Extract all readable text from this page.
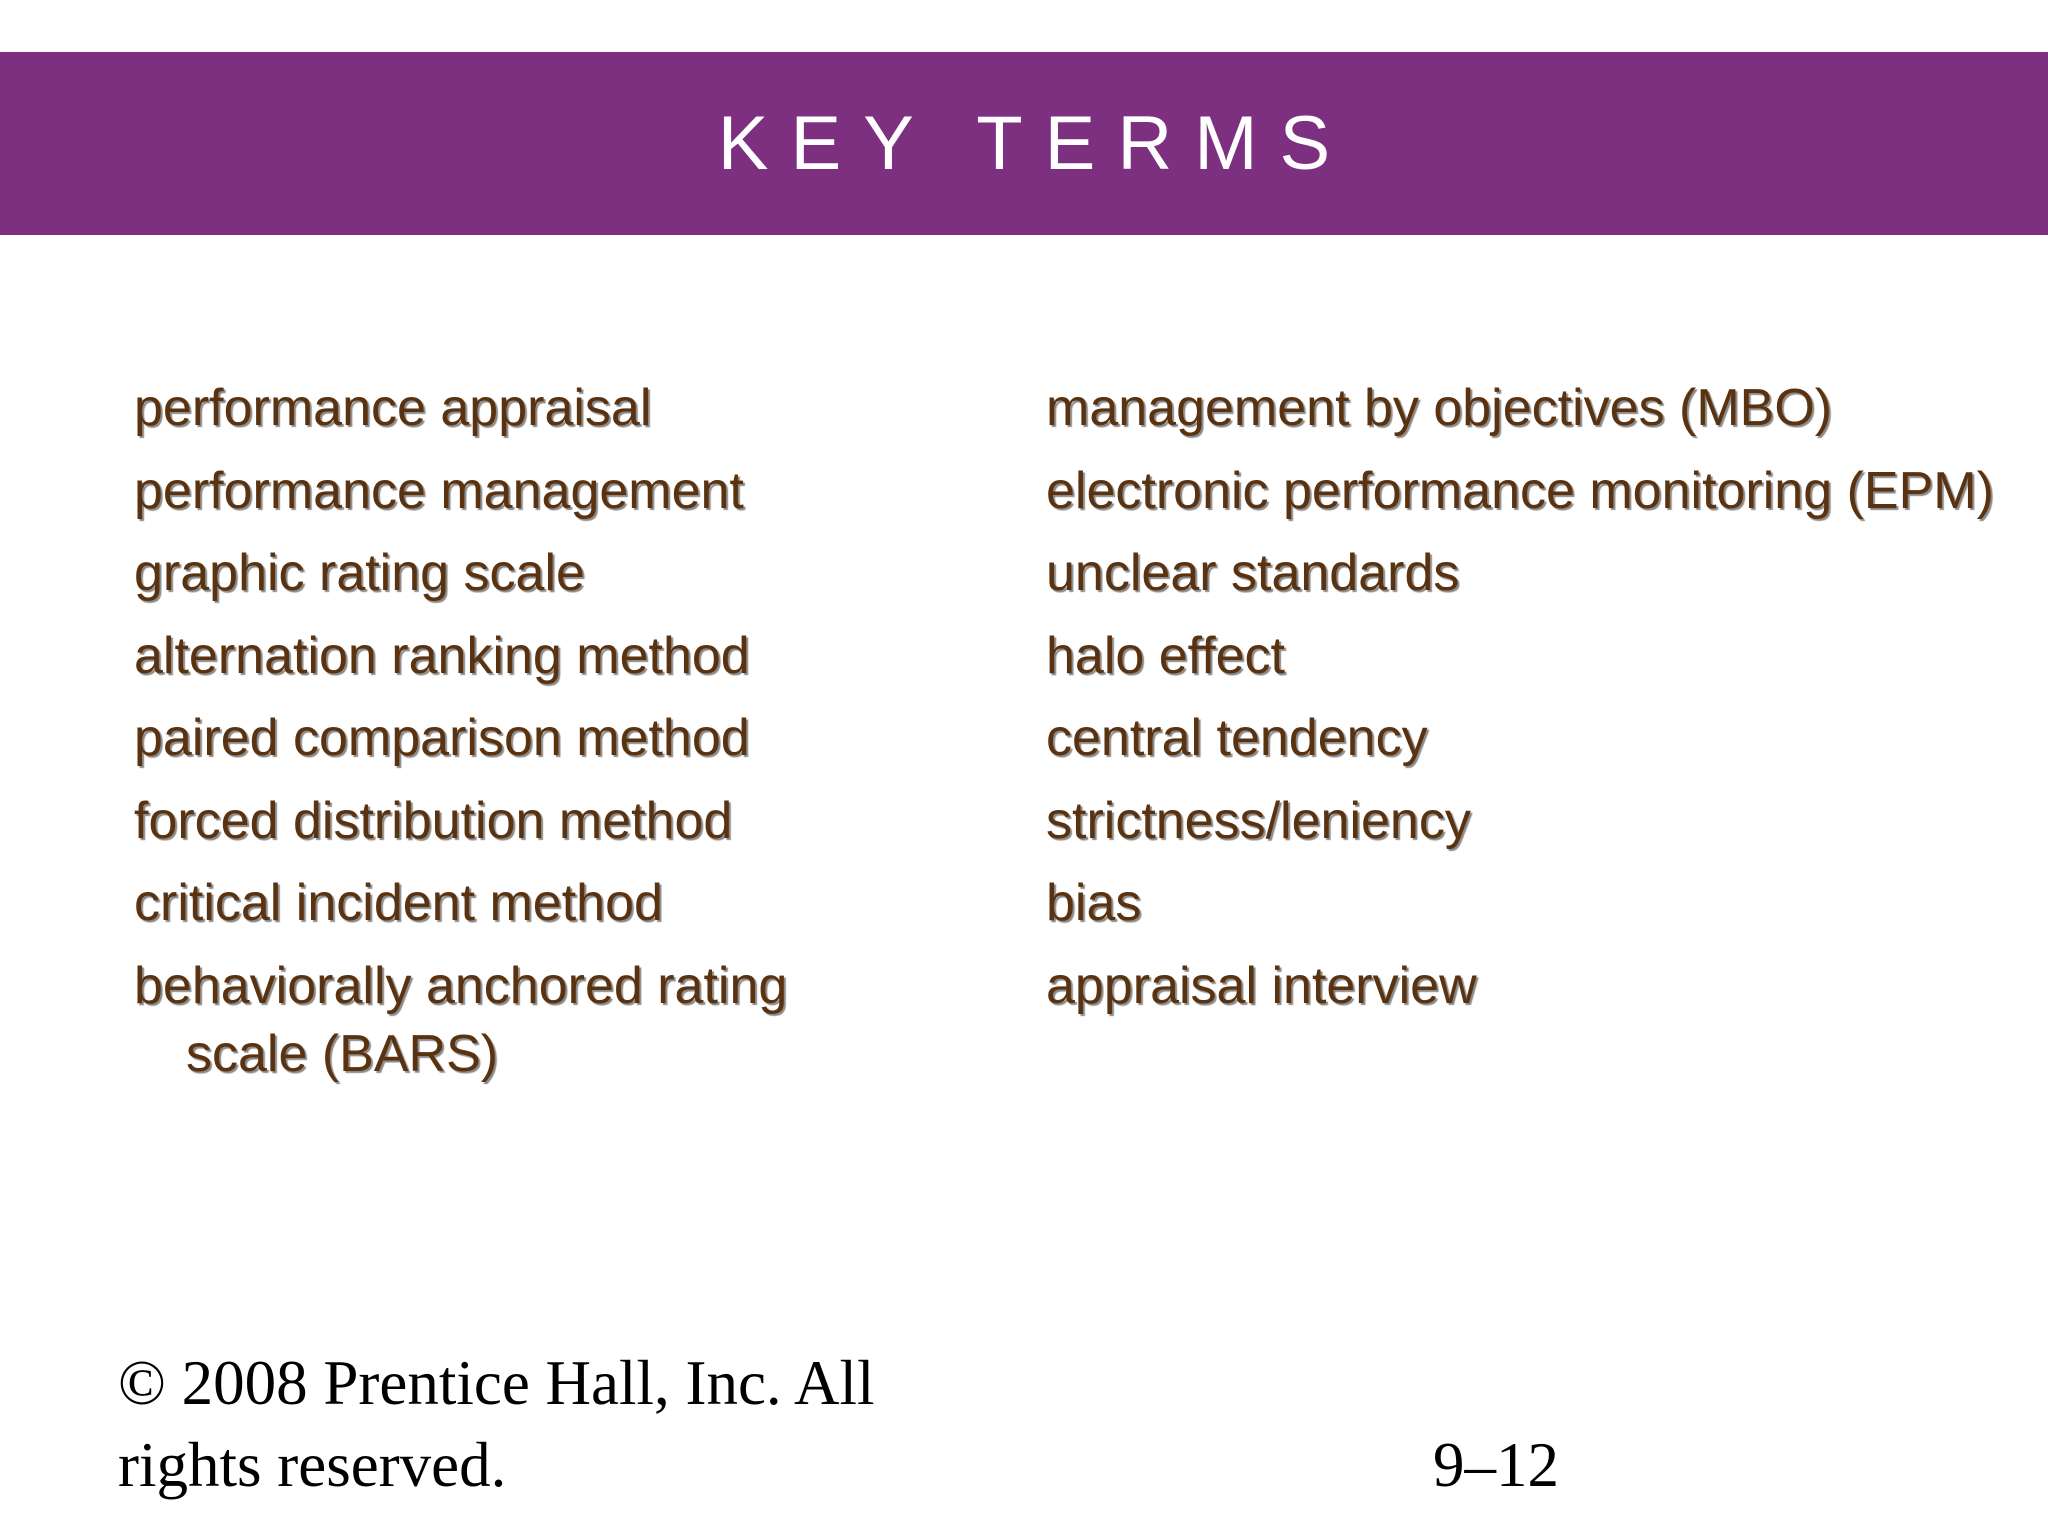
KEY TERMS
performance appraisal
performance management
graphic rating scale
alternation ranking method
paired comparison method
forced distribution method
critical incident method
behaviorally anchored rating scale (BARS)
management by objectives (MBO)
electronic performance monitoring (EPM)
unclear standards
halo effect
central tendency
strictness/leniency
bias
appraisal interview
© 2008 Prentice Hall, Inc. All rights reserved.	9–12
